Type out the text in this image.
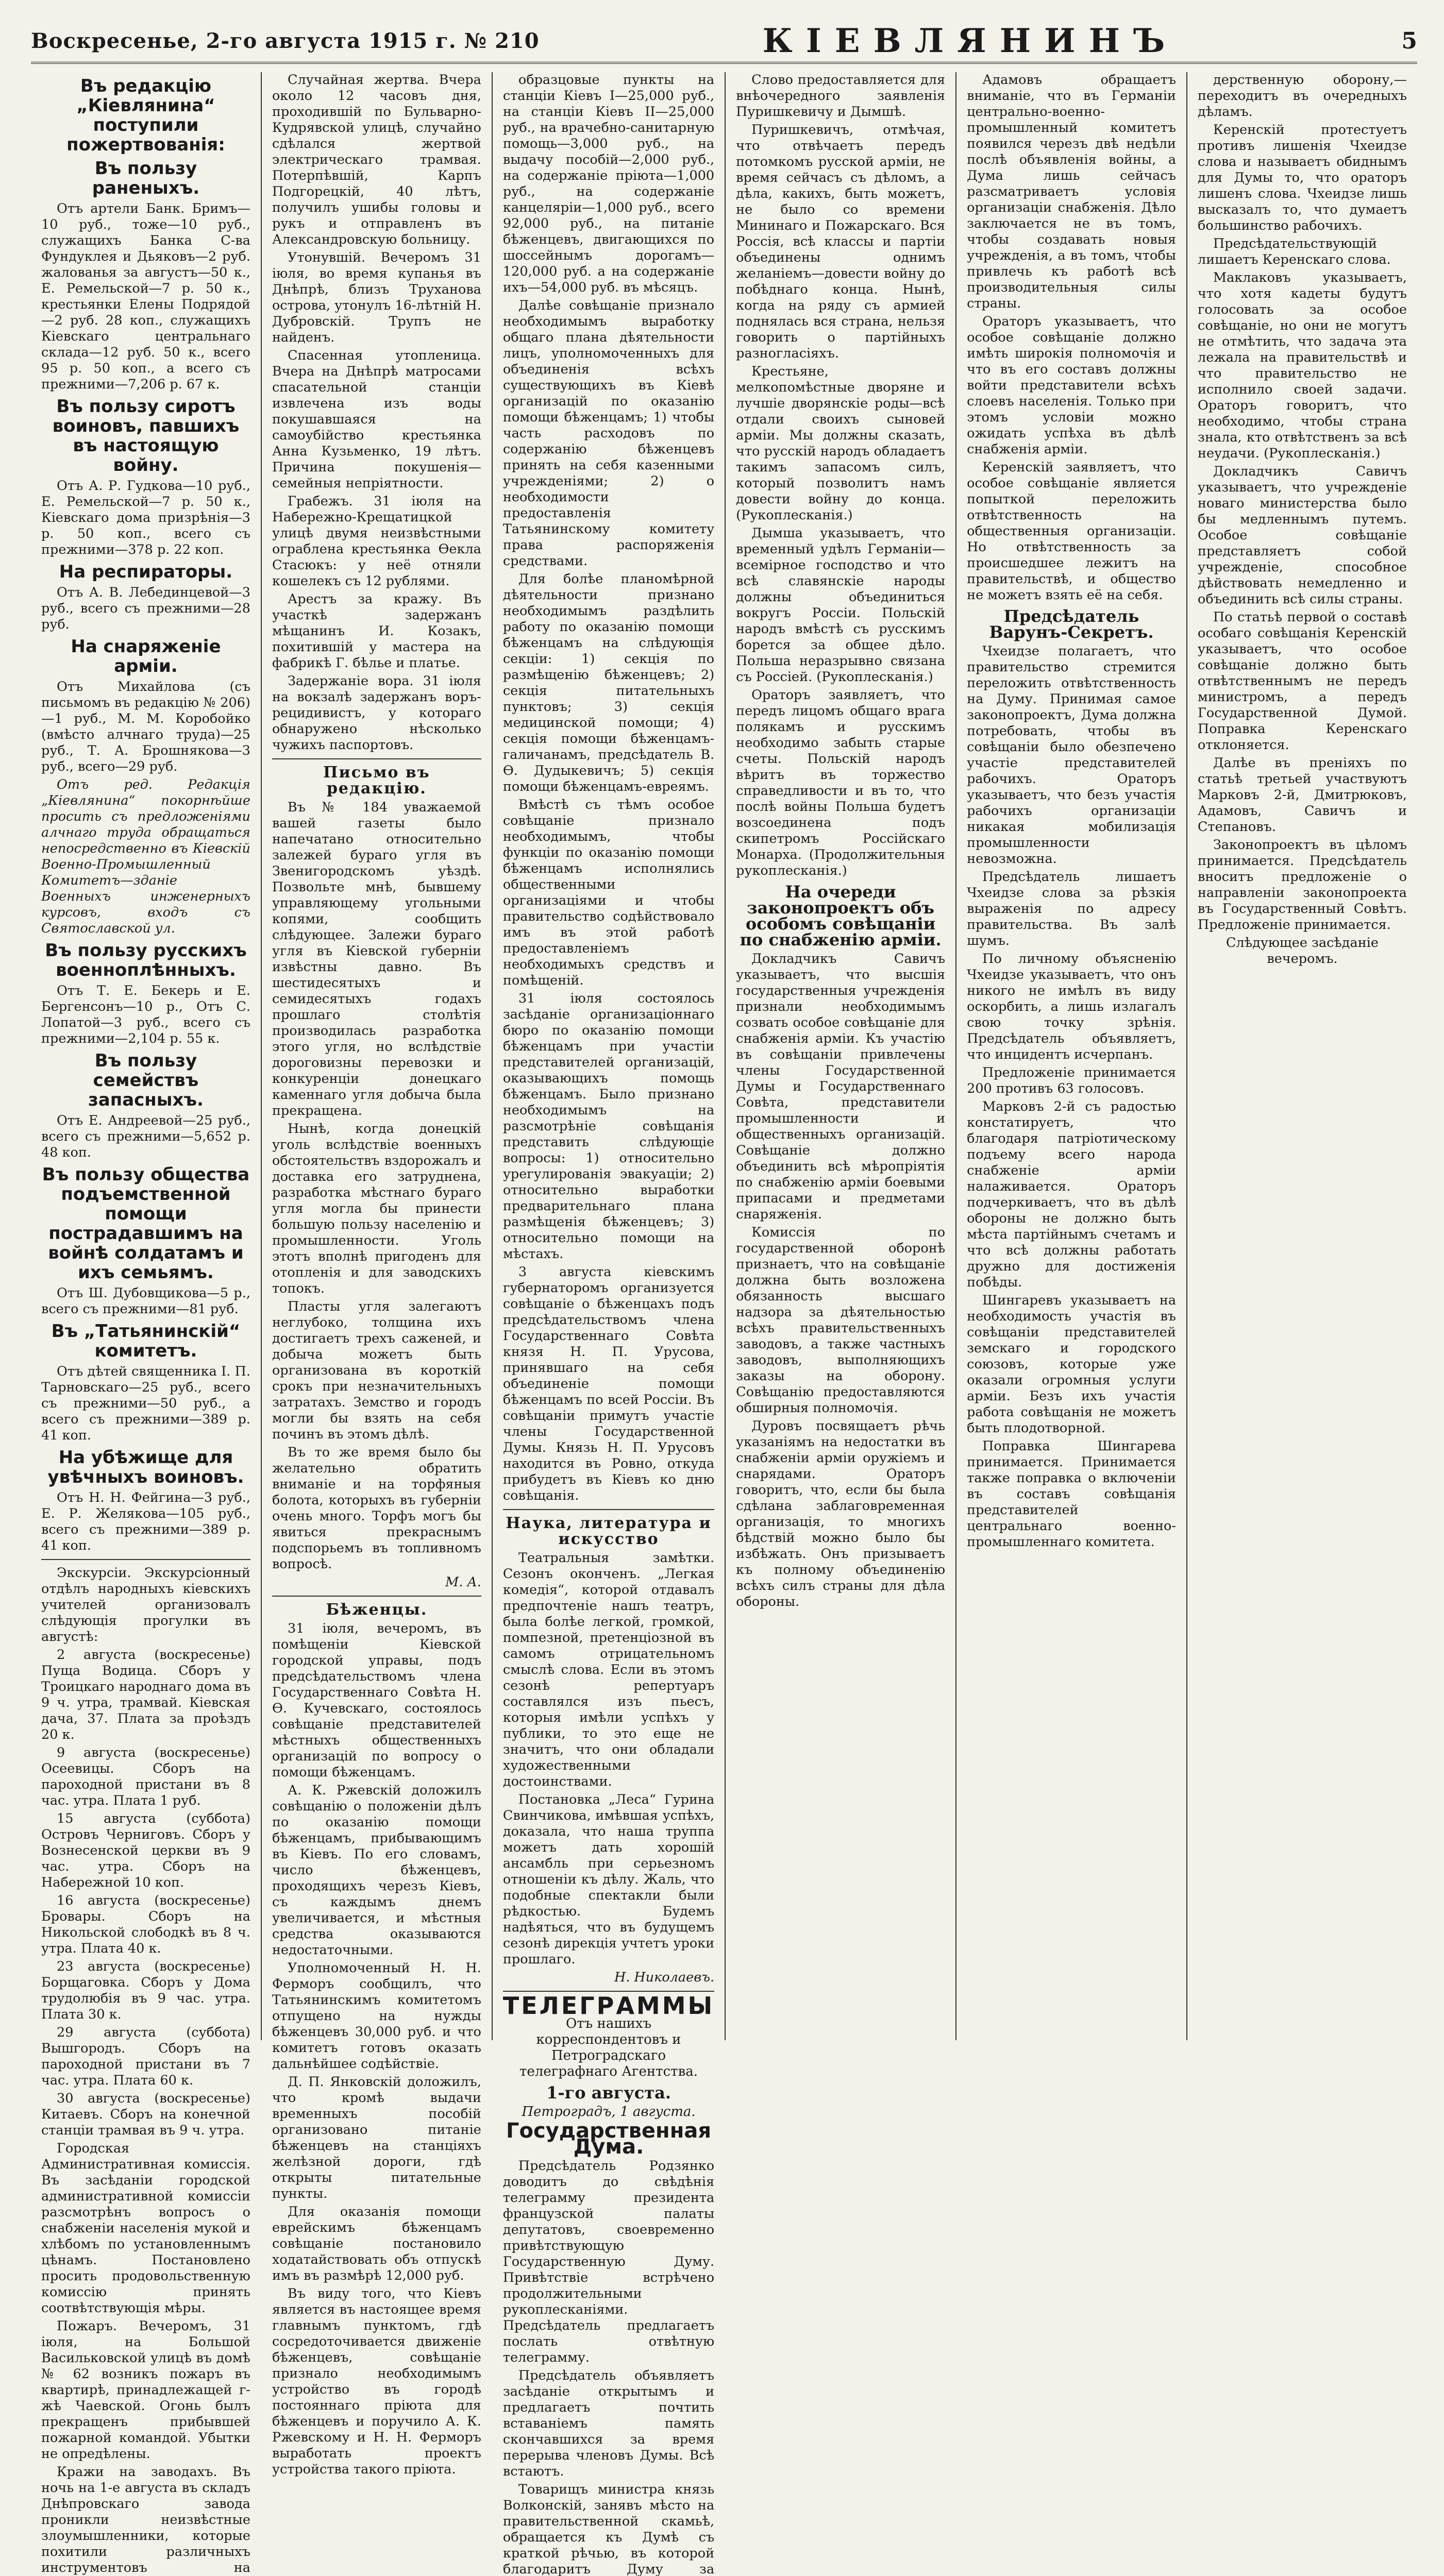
Воскресенье, 2-го августа 1915 г. № 210	КІЕВЛЯНИНЪ	5
Въ редакцію „Кіевлянина“ поступили пожертвованія:
Въ пользу раненыхъ.

Отъ артели Банк. Бримъ—10 руб., тоже—10 руб., служащихъ Банка С-ва Фундуклея и Дьяковъ—2 руб. жалованья за августъ—50 к., Е. Ремельской—7 р. 50 к., крестьянки Елены Подрядой—2 руб. 28 коп., служащихъ Кіевскаго центральнаго склада—12 руб. 50 к., всего 95 р. 50 коп., а всего съ прежними—7,206 р. 67 к.

Въ пользу сиротъ воиновъ, павшихъ въ настоящую войну.

Отъ А. Р. Гудкова—10 руб., Е. Ремельской—7 р. 50 к., Кіевскаго дома призрѣнія—3 р. 50 коп., всего съ прежними—378 р. 22 коп.

На респираторы.

Отъ А. В. Лебединцевой—3 руб., всего съ прежними—28 руб.

На снаряженіе арміи.

Отъ Михайлова (съ письмомъ въ редакцію № 206)—1 руб., М. М. Коробойко (вмѣсто алчнаго труда)—25 руб., Т. А. Брошнякова—3 руб., всего—29 руб.

Отъ ред. Редакція „Кіевлянина“ покорнѣйше просить съ предложеніями алчнаго труда обращаться непосредственно въ Кіевскій Военно-Промышленный Комитетъ—зданіе Военныхъ инженерныхъ курсовъ, входъ съ Святославской ул.

Въ пользу русскихъ военноплѣнныхъ.

Отъ Т. Е. Бекерь и Е. Бергенсонъ—10 р., Отъ С. Лопатой—3 руб., всего съ прежними—2,104 р. 55 к.

Въ пользу семействъ запасныхъ.

Отъ Е. Андреевой—25 руб., всего съ прежними—5,652 р. 48 коп.

Въ пользу общества подъемственной помощи пострадавшимъ на войнѣ солдатамъ и ихъ семьямъ.

Отъ Ш. Дубовщикова—5 р., всего съ прежними—81 руб.

Въ „Татьянинскій“ комитетъ.

Отъ дѣтей священника І. П. Тарновскаго—25 руб., всего съ прежними—50 руб., а всего съ прежними—389 р. 41 коп.

На убѣжище для увѣчныхъ воиновъ.

Отъ Н. Н. Фейгина—3 руб., Е. Р. Желякова—105 руб., всего съ прежними—389 р. 41 коп.

Экскурсіи. Экскурсіонный отдѣлъ народныхъ кіевскихъ учителей организовалъ слѣдующія прогулки въ августѣ:

2 августа (воскресенье) Пуща Водица. Сборъ у Троицкаго народнаго дома въ 9 ч. утра, трамвай. Кіевская дача, 37. Плата за проѣздъ 20 к.

9 августа (воскресенье) Осеевицы. Сборъ на пароходной пристани въ 8 час. утра. Плата 1 руб.

15 августа (суббота) Островъ Черниговъ. Сборъ у Вознесенской церкви въ 9 час. утра. Сборъ на Набережной 10 коп.

16 августа (воскресенье) Бровары. Сборъ на Никольской слободкѣ въ 8 ч. утра. Плата 40 к.

23 августа (воскресенье) Борщаговка. Сборъ у Дома трудолюбія въ 9 час. утра. Плата 30 к.

29 августа (суббота) Вышгородъ. Сборъ на пароходной пристани въ 7 час. утра. Плата 60 к.

30 августа (воскресенье) Китаевъ. Сборъ на конечной станціи трамвая въ 9 ч. утра.

Городская Административная комиссія. Въ засѣданіи городской административной комиссіи разсмотрѣнъ вопросъ о снабженіи населенія мукой и хлѣбомъ по установленнымъ цѣнамъ. Постановлено просить продовольственную комиссію принять соотвѣтствующія мѣры.

Пожаръ. Вечеромъ, 31 іюля, на Большой Васильковской улицѣ въ домѣ № 62 возникъ пожаръ въ квартирѣ, принадлежащей г-жѣ Чаевской. Огонь былъ прекращенъ прибывшей пожарной командой. Убытки не опредѣлены.

Кражи на заводахъ. Въ ночь на 1-е августа въ складъ Днѣпровскаго завода проникли неизвѣстные злоумышленники, которые похитили различныхъ инструментовъ на

Случайная жертва. Вчера около 12 часовъ дня, проходившій по Бульварно-Кудрявской улицѣ, случайно сдѣлался жертвой электрическаго трамвая. Потерпѣвшій, Карпъ Подгорецкій, 40 лѣтъ, получилъ ушибы головы и рукъ и отправленъ въ Александровскую больницу.

Утонувшій. Вечеромъ 31 іюля, во время купанья въ Днѣпрѣ, близъ Труханова острова, утонулъ 16-лѣтній Н. Дубровскій. Трупъ не найденъ.

Спасенная утопленица. Вчера на Днѣпрѣ матросами спасательной станціи извлечена изъ воды покушавшаяся на самоубійство крестьянка Анна Кузьменко, 19 лѣтъ. Причина покушенія—семейныя непріятности.

Грабежъ. 31 іюля на Набережно-Крещатицкой улицѣ двумя неизвѣстными ограблена крестьянка Ѳекла Стасюкъ: у неё отняли кошелекъ съ 12 рублями.

Арестъ за кражу. Въ участкѣ задержанъ мѣщанинъ И. Козакъ, похитившій у мастера на фабрикѣ Г. бѣлье и платье.

Задержаніе вора. 31 іюля на вокзалѣ задержанъ воръ-рецидивистъ, у котораго обнаружено нѣсколько чужихъ паспортовъ.

Письмо въ редакцію.

Въ № 184 уважаемой вашей газеты было напечатано относительно залежей бураго угля въ Звенигородскомъ уѣздѣ. Позвольте мнѣ, бывшему управляющему угольными копями, сообщить слѣдующее. Залежи бураго угля въ Кіевской губерніи извѣстны давно. Въ шестидесятыхъ и семидесятыхъ годахъ прошлаго столѣтія производилась разработка этого угля, но вслѣдствіе дороговизны перевозки и конкуренціи донецкаго каменнаго угля добыча была прекращена.

Нынѣ, когда донецкій уголь вслѣдствіе военныхъ обстоятельствъ вздорожалъ и доставка его затруднена, разработка мѣстнаго бураго угля могла бы принести большую пользу населенію и промышленности. Уголь этотъ вполнѣ пригоденъ для отопленія и для заводскихъ топокъ.

Пласты угля залегаютъ неглубоко, толщина ихъ достигаетъ трехъ саженей, и добыча можетъ быть организована въ короткій срокъ при незначительныхъ затратахъ. Земство и городъ могли бы взять на себя починъ въ этомъ дѣлѣ.

Въ то же время было бы желательно обратить вниманіе и на торфяныя болота, которыхъ въ губерніи очень много. Торфъ могъ бы явиться прекраснымъ подспорьемъ въ топливномъ вопросѣ.

М. А.

Бѣженцы.

31 іюля, вечеромъ, въ помѣщеніи Кіевской городской управы, подъ предсѣдательствомъ члена Государственнаго Совѣта Н. Ѳ. Кучевскаго, состоялось совѣщаніе представителей мѣстныхъ общественныхъ организацій по вопросу о помощи бѣженцамъ.

А. К. Ржевскій доложилъ совѣщанію о положеніи дѣлъ по оказанію помощи бѣженцамъ, прибывающимъ въ Кіевъ. По его словамъ, число бѣженцевъ, проходящихъ черезъ Кіевъ, съ каждымъ днемъ увеличивается, и мѣстныя средства оказываются недостаточными.

Уполномоченный Н. Н. Ферморъ сообщилъ, что Татьянинскимъ комитетомъ отпущено на нужды бѣженцевъ 30,000 руб. и что комитетъ готовъ оказать дальнѣйшее содѣйствіе.

Д. П. Янковскій доложилъ, что кромѣ выдачи временныхъ пособій организовано питаніе бѣженцевъ на станціяхъ желѣзной дороги, гдѣ открыты питательные пункты.

Для оказанія помощи еврейскимъ бѣженцамъ совѣщаніе постановило ходатайствовать объ отпускѣ имъ въ размѣрѣ 12,000 руб.

Въ виду того, что Кіевъ является въ настоящее время главнымъ пунктомъ, гдѣ сосредоточивается движеніе бѣженцевъ, совѣщаніе признало необходимымъ устройство въ городѣ постояннаго пріюта для бѣженцевъ и поручило А. К. Ржевскому и Н. Н. Ферморъ выработать проектъ устройства такого пріюта.

образцовые пункты на станціи Кіевъ I—25,000 руб., на станціи Кіевъ II—25,000 руб., на врачебно-санитарную помощь—3,000 руб., на выдачу пособій—2,000 руб., на содержаніе пріюта—1,000 руб., на содержаніе канцеляріи—1,000 руб., всего 92,000 руб., на питаніе бѣженцевъ, двигающихся по шоссейнымъ дорогамъ—120,000 руб. а на содержаніе ихъ—54,000 руб. въ мѣсяцъ.

Далѣе совѣщаніе признало необходимымъ выработку общаго плана дѣятельности лицъ, уполномоченныхъ для объединенія всѣхъ существующихъ въ Кіевѣ организацій по оказанію помощи бѣженцамъ; 1) чтобы часть расходовъ по содержанію бѣженцевъ принять на себя казенными учрежденіями; 2) о необходимости предоставленія Татьянинскому комитету права распоряженія средствами.

Для болѣе планомѣрной дѣятельности признано необходимымъ раздѣлить работу по оказанію помощи бѣженцамъ на слѣдующія секціи: 1) секція по размѣщенію бѣженцевъ; 2) секція питательныхъ пунктовъ; 3) секція медицинской помощи; 4) секція помощи бѣженцамъ-галичанамъ, предсѣдатель В. Ѳ. Дудыкевичъ; 5) секція помощи бѣженцамъ-евреямъ.

Вмѣстѣ съ тѣмъ особое совѣщаніе признало необходимымъ, чтобы функціи по оказанію помощи бѣженцамъ исполнялись общественными организаціями и чтобы правительство содѣйствовало имъ въ этой работѣ предоставленіемъ необходимыхъ средствъ и помѣщеній.

31 іюля состоялось засѣданіе организаціоннаго бюро по оказанію помощи бѣженцамъ при участіи представителей организацій, оказывающихъ помощь бѣженцамъ. Было признано необходимымъ на разсмотрѣніе совѣщанія представить слѣдующіе вопросы: 1) относительно урегулированія эвакуаціи; 2) относительно выработки предварительнаго плана размѣщенія бѣженцевъ; 3) относительно помощи на мѣстахъ.

3 августа кіевскимъ губернаторомъ организуется совѣщаніе о бѣженцахъ подъ предсѣдательствомъ члена Государственнаго Совѣта князя Н. П. Урусова, принявшаго на себя объединеніе помощи бѣженцамъ по всей Россіи. Въ совѣщаніи примутъ участіе члены Государственной Думы. Князь Н. П. Урусовъ находится въ Ровно, откуда прибудетъ въ Кіевъ ко дню совѣщанія.

Наука, литература и искусство

Театральныя замѣтки. Сезонъ оконченъ. „Легкая комедія“, которой отдавалъ предпочтеніе нашъ театръ, была болѣе легкой, громкой, помпезной, претенціозной въ самомъ отрицательномъ смыслѣ слова. Если въ этомъ сезонѣ репертуаръ составлялся изъ пьесъ, которыя имѣли успѣхъ у публики, то это еще не значитъ, что они обладали художественными достоинствами.

Постановка „Леса“ Гурина Свинчикова, имѣвшая успѣхъ, доказала, что наша труппа можетъ дать хорошій ансамбль при серьезномъ отношеніи къ дѣлу. Жаль, что подобные спектакли были рѣдкостью. Будемъ надѣяться, что въ будущемъ сезонѣ дирекція учтетъ уроки прошлаго.

Н. Николаевъ.

ТЕЛЕГРАММЫ
Отъ нашихъ корреспондентовъ и Петроградскаго телеграфнаго Агентства.
1-го августа.
Петроградъ, 1 августа.
Государственная Дума.

Предсѣдатель Родзянко доводитъ до свѣдѣнія телеграмму президента французской палаты депутатовъ, своевременно привѣтствующую Государственную Думу. Привѣтствіе встрѣчено продолжительными рукоплесканіями. Предсѣдатель предлагаетъ послать отвѣтную телеграмму.

Предсѣдатель объявляетъ засѣданіе открытымъ и предлагаетъ почтить вставаніемъ память скончавшихся за время перерыва членовъ Думы. Всѣ встаютъ.

Товарищъ министра князь Волконскій, занявъ мѣсто на правительственной скамьѣ, обращается къ Думѣ съ краткой рѣчью, въ которой благодаритъ Думу за

Слово предоставляется для внѣочередного заявленія Пуришкевичу и Дымшѣ.

Пуришкевичъ, отмѣчая, что отвѣчаетъ передъ потомкомъ русской арміи, не время сейчасъ съ дѣломъ, а дѣла, какихъ, быть можетъ, не было со времени Мининаго и Пожарскаго. Вся Россія, всѣ классы и партіи объединены однимъ желаніемъ—довести войну до побѣднаго конца. Нынѣ, когда на ряду съ армией поднялась вся страна, нельзя говорить о партійныхъ разногласіяхъ.

Крестьяне, мелкопомѣстные дворяне и лучшіе дворянскіе роды—всѣ отдали своихъ сыновей арміи. Мы должны сказать, что русскій народъ обладаетъ такимъ запасомъ силъ, который позволитъ намъ довести войну до конца. (Рукоплесканія.)

Дымша указываетъ, что временный удѣлъ Германіи—всемірное господство и что всѣ славянскіе народы должны объединиться вокругъ Россіи. Польскій народъ вмѣстѣ съ русскимъ борется за общее дѣло. Польша неразрывно связана съ Россіей. (Рукоплесканія.)

Ораторъ заявляетъ, что передъ лицомъ общаго врага полякамъ и русскимъ необходимо забыть старые счеты. Польскій народъ вѣритъ въ торжество справедливости и въ то, что послѣ войны Польша будетъ возсоединена подъ скипетромъ Россійскаго Монарха. (Продолжительныя рукоплесканія.)

На очереди законопроектъ объ особомъ совѣщаніи по снабженію арміи.

Докладчикъ Савичъ указываетъ, что высшія государственныя учрежденія признали необходимымъ созвать особое совѣщаніе для снабженія арміи. Къ участію въ совѣщаніи привлечены члены Государственной Думы и Государственнаго Совѣта, представители промышленности и общественныхъ организацій. Совѣщаніе должно объединить всѣ мѣропріятія по снабженію арміи боевыми припасами и предметами снаряженія.

Комиссія по государственной оборонѣ признаетъ, что на совѣщаніе должна быть возложена обязанность высшаго надзора за дѣятельностью всѣхъ правительственныхъ заводовъ, а также частныхъ заводовъ, выполняющихъ заказы на оборону. Совѣщанію предоставляются обширныя полномочія.

Дуровъ посвящаетъ рѣчь указаніямъ на недостатки въ снабженіи арміи оружіемъ и снарядами. Ораторъ говоритъ, что, если бы была сдѣлана заблаговременная организація, то многихъ бѣдствій можно было бы избѣжать. Онъ призываетъ къ полному объединенію всѣхъ силъ страны для дѣла обороны.

Адамовъ обращаетъ вниманіе, что въ Германіи центрально-военно-промышленный комитетъ появился черезъ двѣ недѣли послѣ объявленія войны, а Дума лишь сейчасъ разсматриваетъ условія организаціи снабженія. Дѣло заключается не въ томъ, чтобы создавать новыя учрежденія, а въ томъ, чтобы привлечь къ работѣ всѣ производительныя силы страны.

Ораторъ указываетъ, что особое совѣщаніе должно имѣть широкія полномочія и что въ его составъ должны войти представители всѣхъ слоевъ населенія. Только при этомъ условіи можно ожидать успѣха въ дѣлѣ снабженія арміи.

Керенскій заявляетъ, что особое совѣщаніе является попыткой переложить отвѣтственность на общественныя организаціи. Но отвѣтственность за происшедшее лежитъ на правительствѣ, и общество не можетъ взять её на себя.

Предсѣдатель Варунъ-Секретъ.

Чхеидзе полагаетъ, что правительство стремится переложить отвѣтственность на Думу. Принимая самое законопроектъ, Дума должна потребовать, чтобы въ совѣщаніи было обезпечено участіе представителей рабочихъ. Ораторъ указываетъ, что безъ участія рабочихъ организаціи никакая мобилизація промышленности невозможна.

Предсѣдатель лишаетъ Чхеидзе слова за рѣзкія выраженія по адресу правительства. Въ залѣ шумъ.

По личному объясненію Чхеидзе указываетъ, что онъ никого не имѣлъ въ виду оскорбить, а лишь излагалъ свою точку зрѣнія. Предсѣдатель объявляетъ, что инцидентъ исчерпанъ.

Предложеніе принимается 200 противъ 63 голосовъ.

Марковъ 2-й съ радостью констатируетъ, что благодаря патріотическому подъему всего народа снабженіе арміи налаживается. Ораторъ подчеркиваетъ, что въ дѣлѣ обороны не должно быть мѣста партійнымъ счетамъ и что всѣ должны работать дружно для достиженія побѣды.

Шингаревъ указываетъ на необходимость участія въ совѣщаніи представителей земскаго и городского союзовъ, которые уже оказали огромныя услуги арміи. Безъ ихъ участія работа совѣщанія не можетъ быть плодотворной.

Поправка Шингарева принимается. Принимается также поправка о включеніи въ составъ совѣщанія представителей центральнаго военно-промышленнаго комитета.

дерственную оборону,—переходитъ въ очередныхъ дѣламъ.

Керенскій протестуетъ противъ лишенія Чхеидзе слова и называетъ обиднымъ для Думы то, что ораторъ лишенъ слова. Чхеидзе лишь высказалъ то, что думаетъ большинство рабочихъ.

Предсѣдательствующій лишаетъ Керенскаго слова.

Маклаковъ указываетъ, что хотя кадеты будутъ голосовать за особое совѣщаніе, но они не могутъ не отмѣтить, что задача эта лежала на правительствѣ и что правительство не исполнило своей задачи. Ораторъ говоритъ, что необходимо, чтобы страна знала, кто отвѣтственъ за всѣ неудачи. (Рукоплесканія.)

Докладчикъ Савичъ указываетъ, что учрежденіе новаго министерства было бы медленнымъ путемъ. Особое совѣщаніе представляетъ собой учрежденіе, способное дѣйствовать немедленно и объединить всѣ силы страны.

По статьѣ первой о составѣ особаго совѣщанія Керенскій указываетъ, что особое совѣщаніе должно быть отвѣтственнымъ не передъ министромъ, а передъ Государственной Думой. Поправка Керенскаго отклоняется.

Далѣе въ преніяхъ по статьѣ третьей участвуютъ Марковъ 2-й, Дмитрюковъ, Адамовъ, Савичъ и Степановъ.

Законопроектъ въ цѣломъ принимается. Предсѣдатель вноситъ предложеніе о направленіи законопроекта въ Государственный Совѣтъ. Предложеніе принимается.

Слѣдующее засѣданіе вечеромъ.
